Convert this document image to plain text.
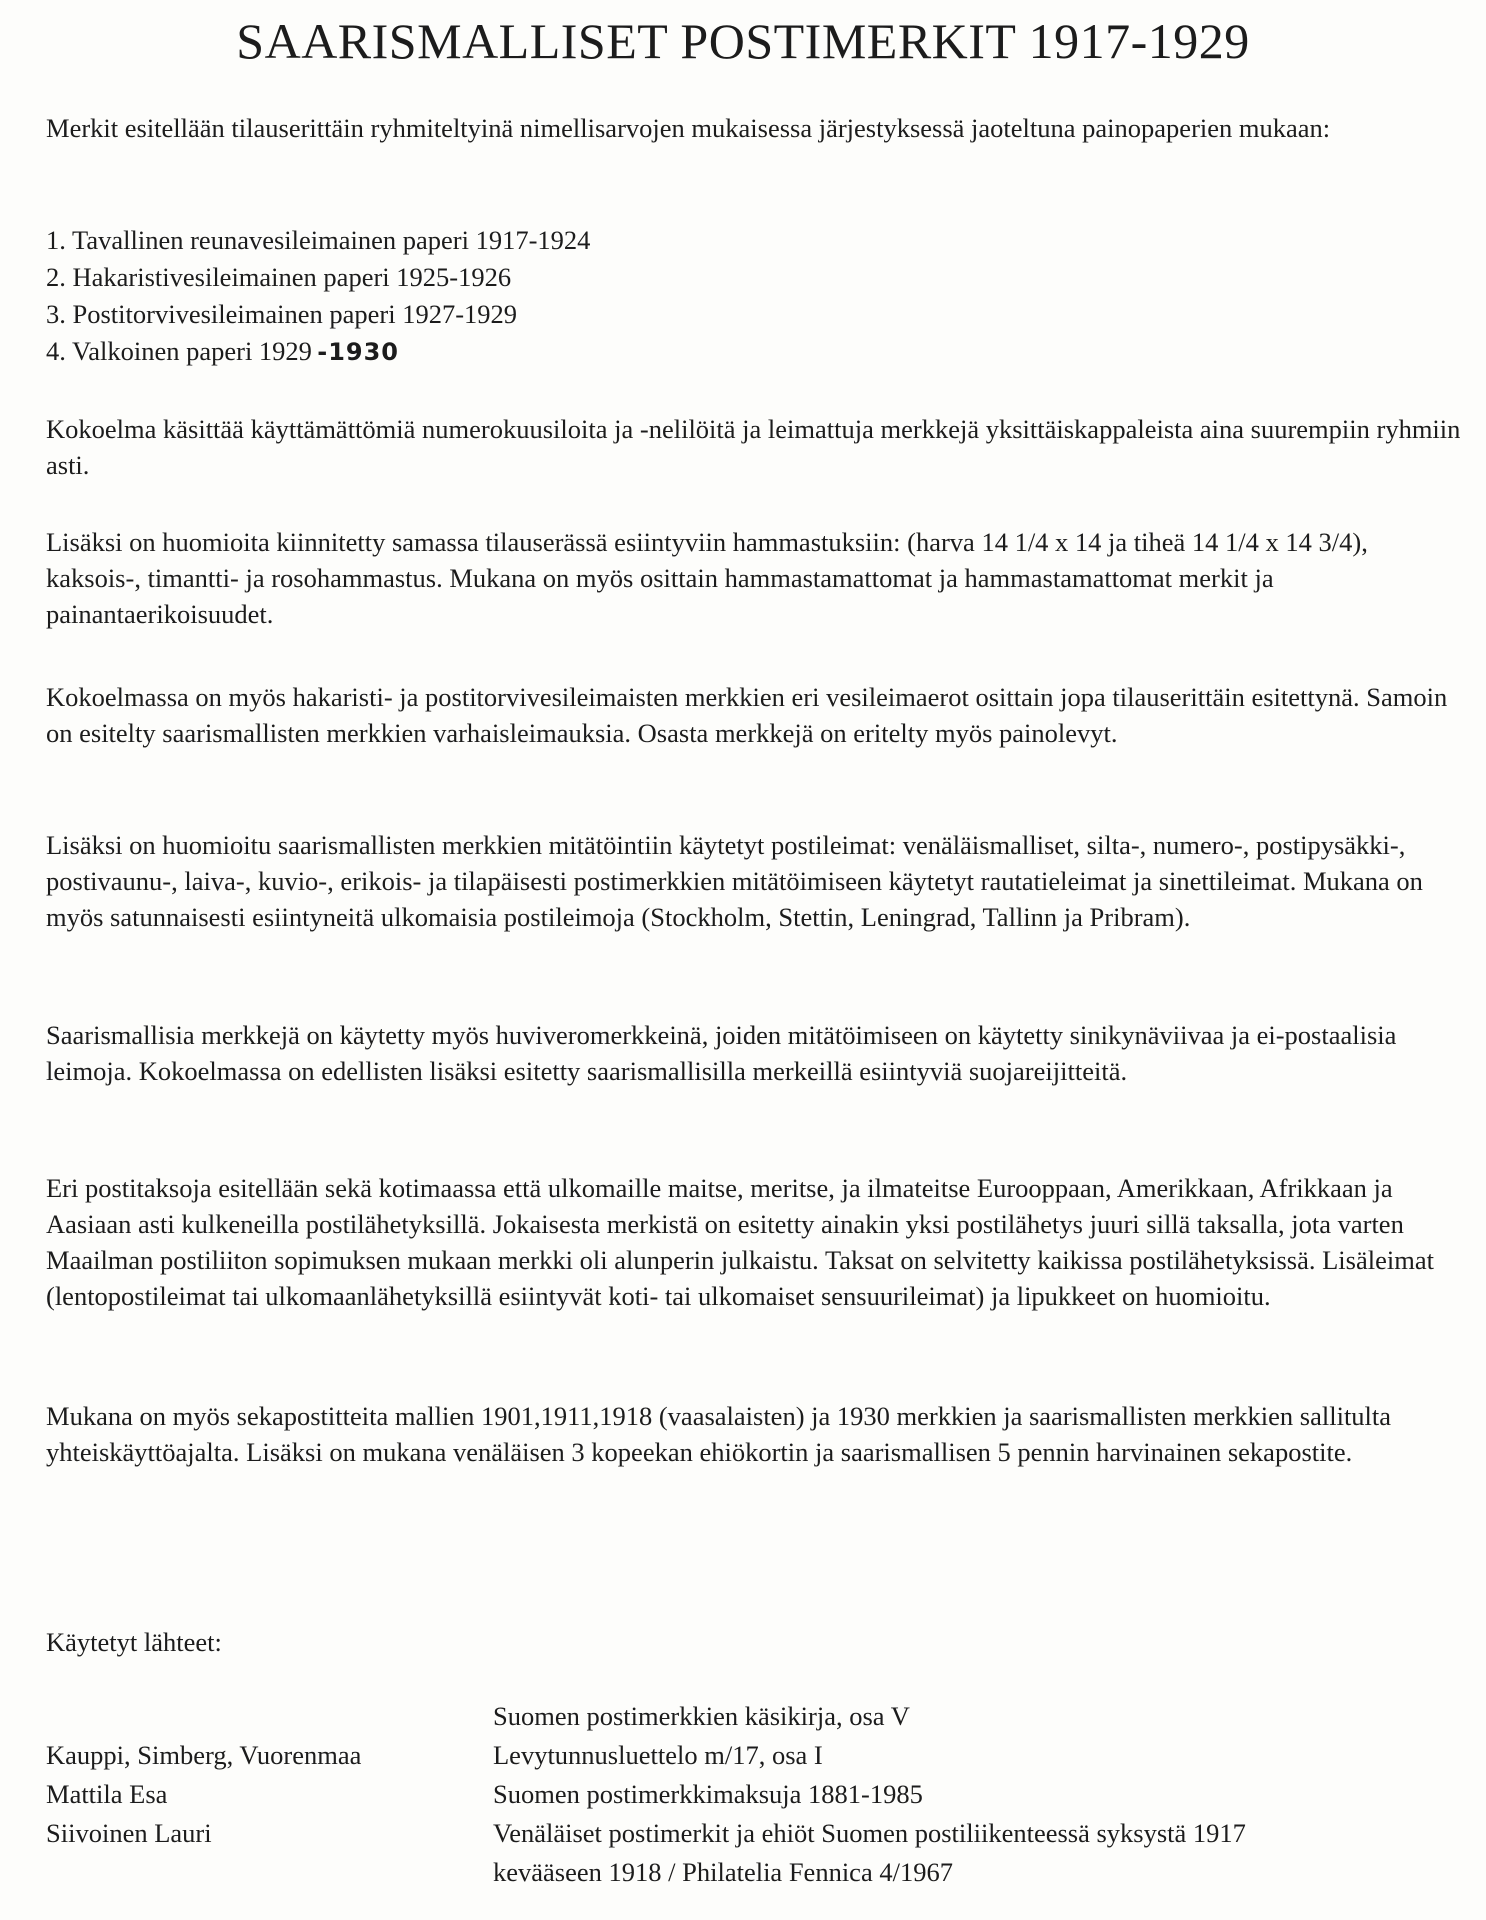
SAARISMALLISET POSTIMERKIT 1917-1929

Merkit esitellään tilauserittäin ryhmiteltyinä nimellisarvojen mukaisessa järjestyksessä jaoteltuna painopaperien mukaan:

1. Tavallinen reunavesileimainen paperi 1917-1924
2. Hakaristivesileimainen paperi 1925-1926
3. Postitorvivesileimainen paperi 1927-1929
4. Valkoinen paperi 1929  -1930

Kokoelma käsittää käyttämättömiä numerokuusiloita ja -nelilöitä ja leimattuja merkkejä yksittäiskappaleista aina suurempiin ryhmiin asti.

Lisäksi on huomioita kiinnitetty samassa tilauserässä esiintyviin hammastuksiin: (harva 14 1/4 x 14 ja tiheä 14 1/4 x 14 3/4), kaksois-, timantti- ja rosohammastus. Mukana on myös osittain hammastamattomat ja hammastamattomat merkit ja painantaerikoisuudet.

Kokoelmassa on myös hakaristi- ja postitorvivesileimaisten merkkien eri vesileimaerot osittain jopa tilauserittäin esitettynä. Samoin on esitelty saarismallisten merkkien varhaisleimauksia. Osasta merkkejä on eritelty myös painolevyt.

Lisäksi on huomioitu saarismallisten merkkien mitätöintiin käytetyt postileimat: venäläismalliset, silta-, numero-, postipysäkki-, postivaunu-, laiva-, kuvio-, erikois- ja tilapäisesti postimerkkien mitätöimiseen käytetyt rautatieleimat ja sinettileimat. Mukana on myös satunnaisesti esiintyneitä ulkomaisia postileimoja (Stockholm, Stettin, Leningrad, Tallinn ja Pribram).

Saarismallisia merkkejä on käytetty myös huviveromerkkeinä, joiden mitätöimiseen on käytetty sinikynäviivaa ja ei-postaalisia leimoja. Kokoelmassa on edellisten lisäksi esitetty saarismallisilla merkeillä esiintyviä suojareijitteitä.

Eri postitaksoja esitellään sekä kotimaassa että ulkomaille maitse, meritse, ja ilmateitse Eurooppaan, Amerikkaan, Afrikkaan ja Aasiaan asti kulkeneilla postilähetyksillä. Jokaisesta merkistä on esitetty ainakin yksi postilähetys juuri sillä taksalla, jota varten Maailman postiliiton sopimuksen mukaan merkki oli alunperin julkaistu. Taksat on selvitetty kaikissa postilähetyksissä. Lisäleimat (lentopostileimat tai ulkomaanlähetyksillä esiintyvät koti- tai ulkomaiset sensuurileimat) ja lipukkeet on huomioitu.

Mukana on myös sekapostitteita mallien 1901,1911,1918 (vaasalaisten) ja 1930 merkkien ja saarismallisten merkkien sallitulta yhteiskäyttöajalta. Lisäksi on mukana venäläisen 3 kopeekan ehiökortin ja saarismallisen 5 pennin harvinainen sekapostite.

Käytetyt lähteet:

Suomen postimerkkien käsikirja, osa V
Levytunnusluettelo m/17, osa I
Suomen postimerkkimaksuja 1881-1985
Venäläiset postimerkit ja ehiöt Suomen postiliikenteessä syksystä 1917
kevääseen 1918 / Philatelia Fennica 4/1967
Kauppi, Simberg, Vuorenmaa
Mattila Esa
Siivoinen Lauri
